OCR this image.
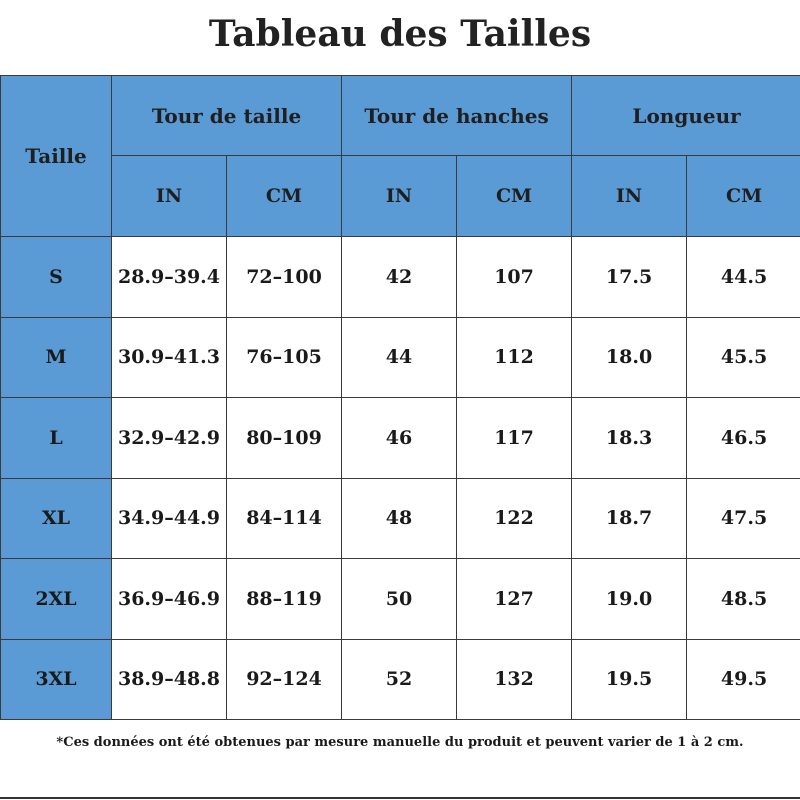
Tableau des Tailles
Taille	Tour de taille		Tour de hanches		Longueur	
	IN	CM	IN	CM	IN	CM
S	28.9–39.4	72–100	42	107	17.5	44.5
M	30.9–41.3	76–105	44	112	18.0	45.5
L	32.9–42.9	80–109	46	117	18.3	46.5
XL	34.9–44.9	84–114	48	122	18.7	47.5
2XL	36.9–46.9	88–119	50	127	19.0	48.5
3XL	38.9–48.8	92–124	52	132	19.5	49.5
*Ces données ont été obtenues par mesure manuelle du produit et peuvent varier de 1 à 2 cm.
